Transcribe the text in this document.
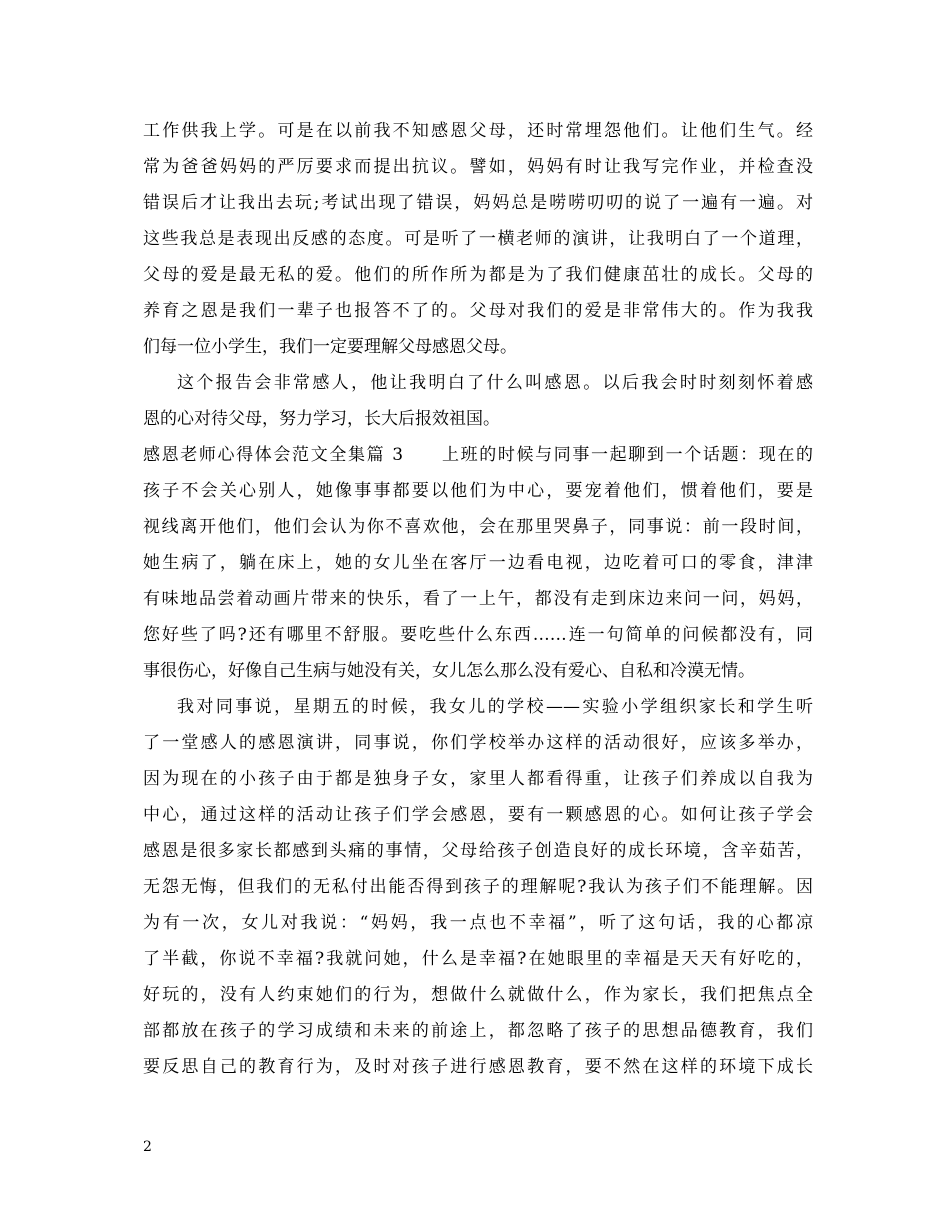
工作供我上学。可是在以前我不知感恩父母，还时常埋怨他们。让他们生气。经
常为爸爸妈妈的严厉要求而提出抗议。譬如，妈妈有时让我写完作业，并检查没
错误后才让我出去玩;考试出现了错误，妈妈总是唠唠叨叨的说了一遍有一遍。对
这些我总是表现出反感的态度。可是听了一横老师的演讲，让我明白了一个道理，
父母的爱是最无私的爱。他们的所作所为都是为了我们健康茁壮的成长。父母的
养育之恩是我们一辈子也报答不了的。父母对我们的爱是非常伟大的。作为我我
们每一位小学生，我们一定要理解父母感恩父母。
这个报告会非常感人，他让我明白了什么叫感恩。以后我会时时刻刻怀着感
恩的心对待父母，努力学习，长大后报效祖国。
感恩老师心得体会范文全集篇 3　　上班的时候与同事一起聊到一个话题：现在的
孩子不会关心别人，她像事事都要以他们为中心，要宠着他们，惯着他们，要是
视线离开他们，他们会认为你不喜欢他，会在那里哭鼻子，同事说：前一段时间，
她生病了，躺在床上，她的女儿坐在客厅一边看电视，边吃着可口的零食，津津
有味地品尝着动画片带来的快乐，看了一上午，都没有走到床边来问一问，妈妈，
您好些了吗?还有哪里不舒服。要吃些什么东西……连一句简单的问候都没有，同
事很伤心，好像自己生病与她没有关，女儿怎么那么没有爱心、自私和冷漠无情。
我对同事说，星期五的时候，我女儿的学校——实验小学组织家长和学生听
了一堂感人的感恩演讲，同事说，你们学校举办这样的活动很好，应该多举办，
因为现在的小孩子由于都是独身子女，家里人都看得重，让孩子们养成以自我为
中心，通过这样的活动让孩子们学会感恩，要有一颗感恩的心。如何让孩子学会
感恩是很多家长都感到头痛的事情，父母给孩子创造良好的成长环境，含辛茹苦，
无怨无悔，但我们的无私付出能否得到孩子的理解呢?我认为孩子们不能理解。因
为有一次，女儿对我说：“妈妈，我一点也不幸福”，听了这句话，我的心都凉
了半截，你说不幸福?我就问她，什么是幸福?在她眼里的幸福是天天有好吃的，
好玩的，没有人约束她们的行为，想做什么就做什么，作为家长，我们把焦点全
部都放在孩子的学习成绩和未来的前途上，都忽略了孩子的思想品德教育，我们
要反思自己的教育行为，及时对孩子进行感恩教育，要不然在这样的环境下成长
2
